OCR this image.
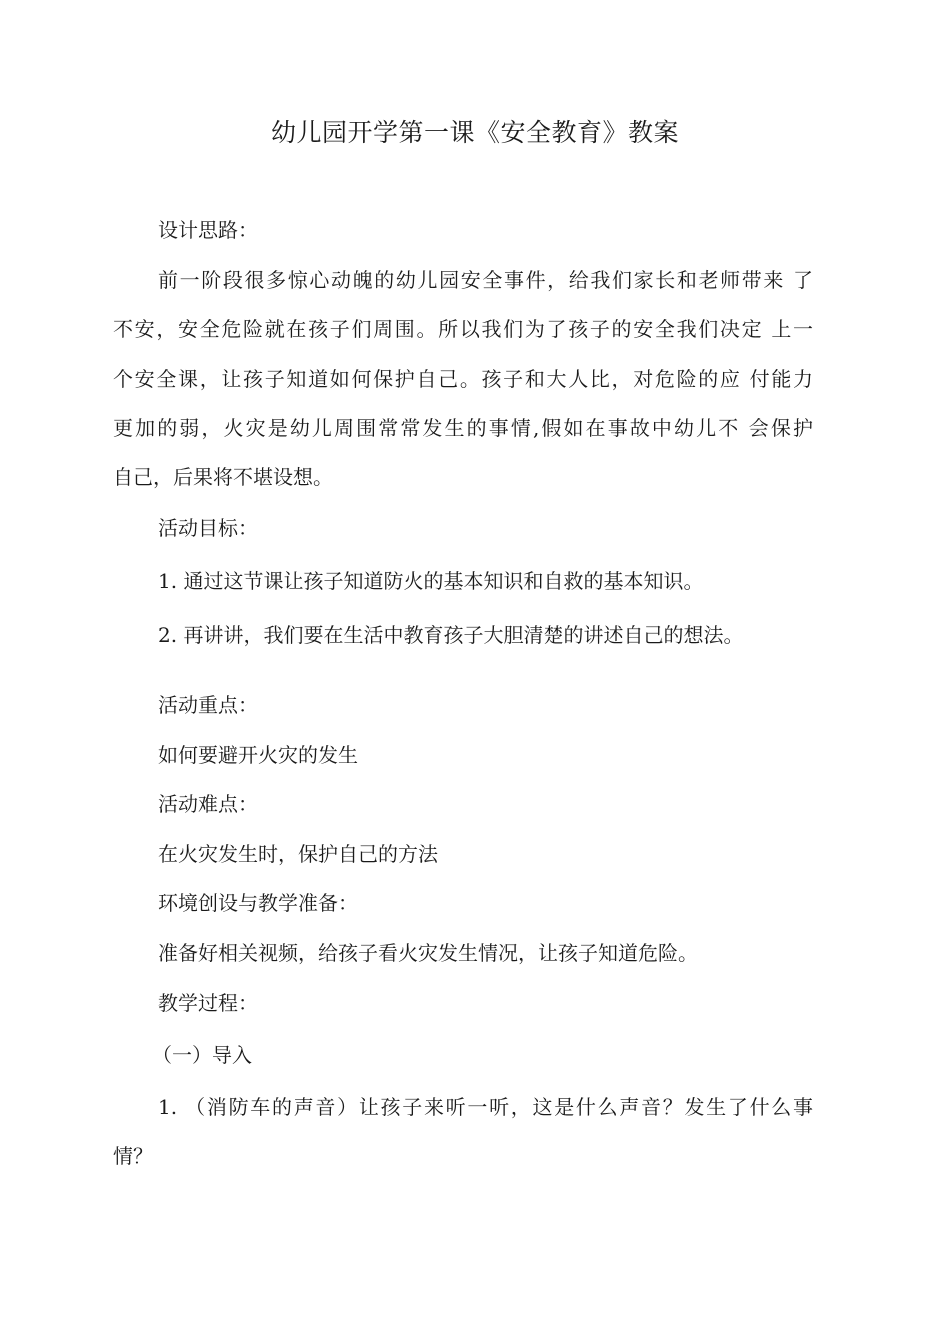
幼儿园开学第一课《安全教育》教案
设计思路：
前一阶段很多惊心动魄的幼儿园安全事件，给我们家长和老师带来 了
不安，安全危险就在孩子们周围。所以我们为了孩子的安全我们决定 上一
个安全课，让孩子知道如何保护自己。孩子和大人比，对危险的应 付能力
更加的弱，火灾是幼儿周围常常发生的事情,假如在事故中幼儿不 会保护
自己，后果将不堪设想。
活动目标：
1. 通过这节课让孩子知道防火的基本知识和自救的基本知识。
2. 再讲讲，我们要在生活中教育孩子大胆清楚的讲述自己的想法。
活动重点：
如何要避开火灾的发生
活动难点：
在火灾发生时，保护自己的方法
环境创设与教学准备：
准备好相关视频，给孩子看火灾发生情况，让孩子知道危险。
教学过程：
（一）导入
1. （消防车的声音）让孩子来听一听，这是什么声音？发生了什么事
情？
